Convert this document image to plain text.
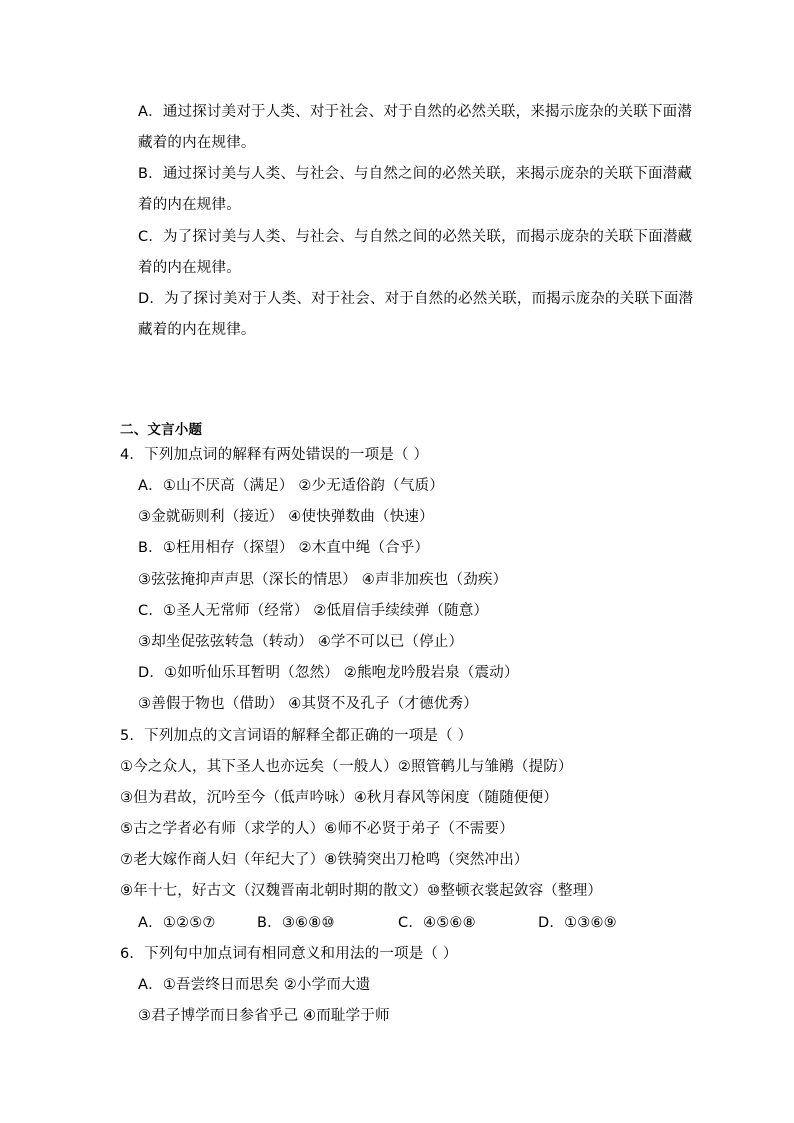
A．通过探讨美对于人类、对于社会、对于自然的必然关联，来揭示庞杂的关联下面潜
藏着的内在规律。
B．通过探讨美与人类、与社会、与自然之间的必然关联，来揭示庞杂的关联下面潜藏
着的内在规律。
C．为了探讨美与人类、与社会、与自然之间的必然关联，而揭示庞杂的关联下面潜藏
着的内在规律。
D．为了探讨美对于人类、对于社会、对于自然的必然关联，而揭示庞杂的关联下面潜
藏着的内在规律。
二、文言小题
4．下列加点词的解释有两处错误的一项是（ ）
A．①山不厌高（满足） ②少无适俗韵（气质）
③金就砺则利（接近） ④使快弹数曲（快速）
B．①枉用相存（探望） ②木直中绳（合乎）
③弦弦掩抑声声思（深长的情思） ④声非加疾也（劲疾）
C．①圣人无常师（经常） ②低眉信手续续弹（随意）
③却坐促弦弦转急（转动） ④学不可以已（停止）
D．①如听仙乐耳暂明（忽然） ②熊咆龙吟殷岩泉（震动）
③善假于物也（借助） ④其贤不及孔子（才德优秀）
5．下列加点的文言词语的解释全都正确的一项是（ ）
①今之众人，其下圣人也亦远矣（一般人）②照管鹌儿与雏鹇（提防）
③但为君故，沉吟至今（低声吟咏）④秋月春风等闲度（随随便便）
⑤古之学者必有师（求学的人）⑥师不必贤于弟子（不需要）
⑦老大嫁作商人妇（年纪大了）⑧铁骑突出刀枪鸣（突然冲出）
⑨年十七，好古文（汉魏晋南北朝时期的散文）⑩整顿衣裳起敛容（整理）
A．①②⑤⑦	B．③⑥⑧⑩	C．④⑤⑥⑧	D．①③⑥⑨
6．下列句中加点词有相同意义和用法的一项是（ ）
A．①吾尝终日而思矣 ②小学而大遗
③君子博学而日参省乎己 ④而耻学于师
